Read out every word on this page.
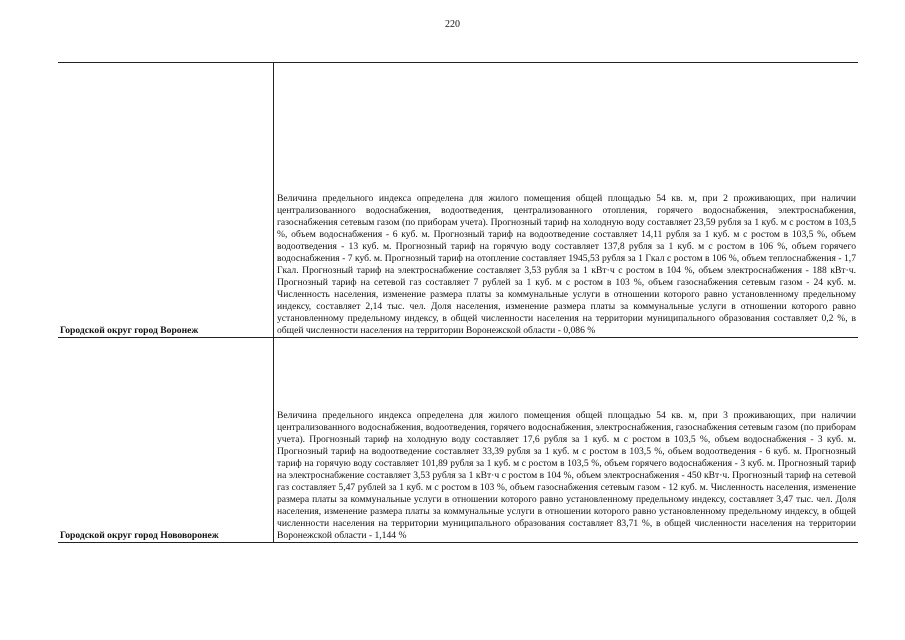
220
Городской округ город Воронеж	Величина предельного индекса определена для жилого помещения общей площадью 54 кв. м, при 2 проживающих, при наличии централизованного водоснабжения, водоотведения, централизованного отопления, горячего водоснабжения, электроснабжения, газоснабжения сетевым газом (по приборам учета). Прогнозный тариф на холодную воду составляет 23,59 рубля за 1 куб. м с ростом в 103,5 %, объем водоснабжения - 6 куб. м. Прогнозный тариф на водоотведение составляет 14,11 рубля за 1 куб. м с ростом в 103,5 %, объем водоотведения - 13 куб. м. Прогнозный тариф на горячую воду составляет 137,8 рубля за 1 куб. м с ростом в 106 %, объем горячего водоснабжения - 7 куб. м. Прогнозный тариф на отопление составляет 1945,53 рубля за 1 Гкал с ростом в 106 %, объем теплоснабжения - 1,7 Гкал. Прогнозный тариф на электроснабжение составляет 3,53 рубля за 1 кВт·ч с ростом в 104 %, объем электроснабжения - 188 кВт·ч. Прогнозный тариф на сетевой газ составляет 7 рублей за 1 куб. м с ростом в 103 %, объем газоснабжения сетевым газом - 24 куб. м. Численность населения, изменение размера платы за коммунальные услуги в отношении которого равно установленному предельному индексу, составляет 2,14 тыс. чел. Доля населения, изменение размера платы за коммунальные услуги в отношении которого равно установленному предельному индексу, в общей численности населения на территории муниципального образования составляет 0,2 %, в общей численности населения на территории Воронежской области - 0,086 %
Городской округ город Нововоронеж	Величина предельного индекса определена для жилого помещения общей площадью 54 кв. м, при 3 проживающих, при наличии централизованного водоснабжения, водоотведения, горячего водоснабжения, электроснабжения, газоснабжения сетевым газом (по приборам учета). Прогнозный тариф на холодную воду составляет 17,6 рубля за 1 куб. м с ростом в 103,5 %, объем водоснабжения - 3 куб. м. Прогнозный тариф на водоотведение составляет 33,39 рубля за 1 куб. м с ростом в 103,5 %, объем водоотведения - 6 куб. м. Прогнозный тариф на горячую воду составляет 101,89 рубля за 1 куб. м с ростом в 103,5 %, объем горячего водоснабжения - 3 куб. м. Прогнозный тариф на электроснабжение составляет 3,53 рубля за 1 кВт·ч с ростом в 104 %, объем электроснабжения - 450 кВт·ч. Прогнозный тариф на сетевой газ составляет 5,47 рублей за 1 куб. м с ростом в 103 %, объем газоснабжения сетевым газом - 12 куб. м. Численность населения, изменение размера платы за коммунальные услуги в отношении которого равно установленному предельному индексу, составляет 3,47 тыс. чел. Доля населения, изменение размера платы за коммунальные услуги в отношении которого равно установленному предельному индексу, в общей численности населения на территории муниципального образования составляет 83,71 %, в общей численности населения на территории Воронежской области - 1,144 %
